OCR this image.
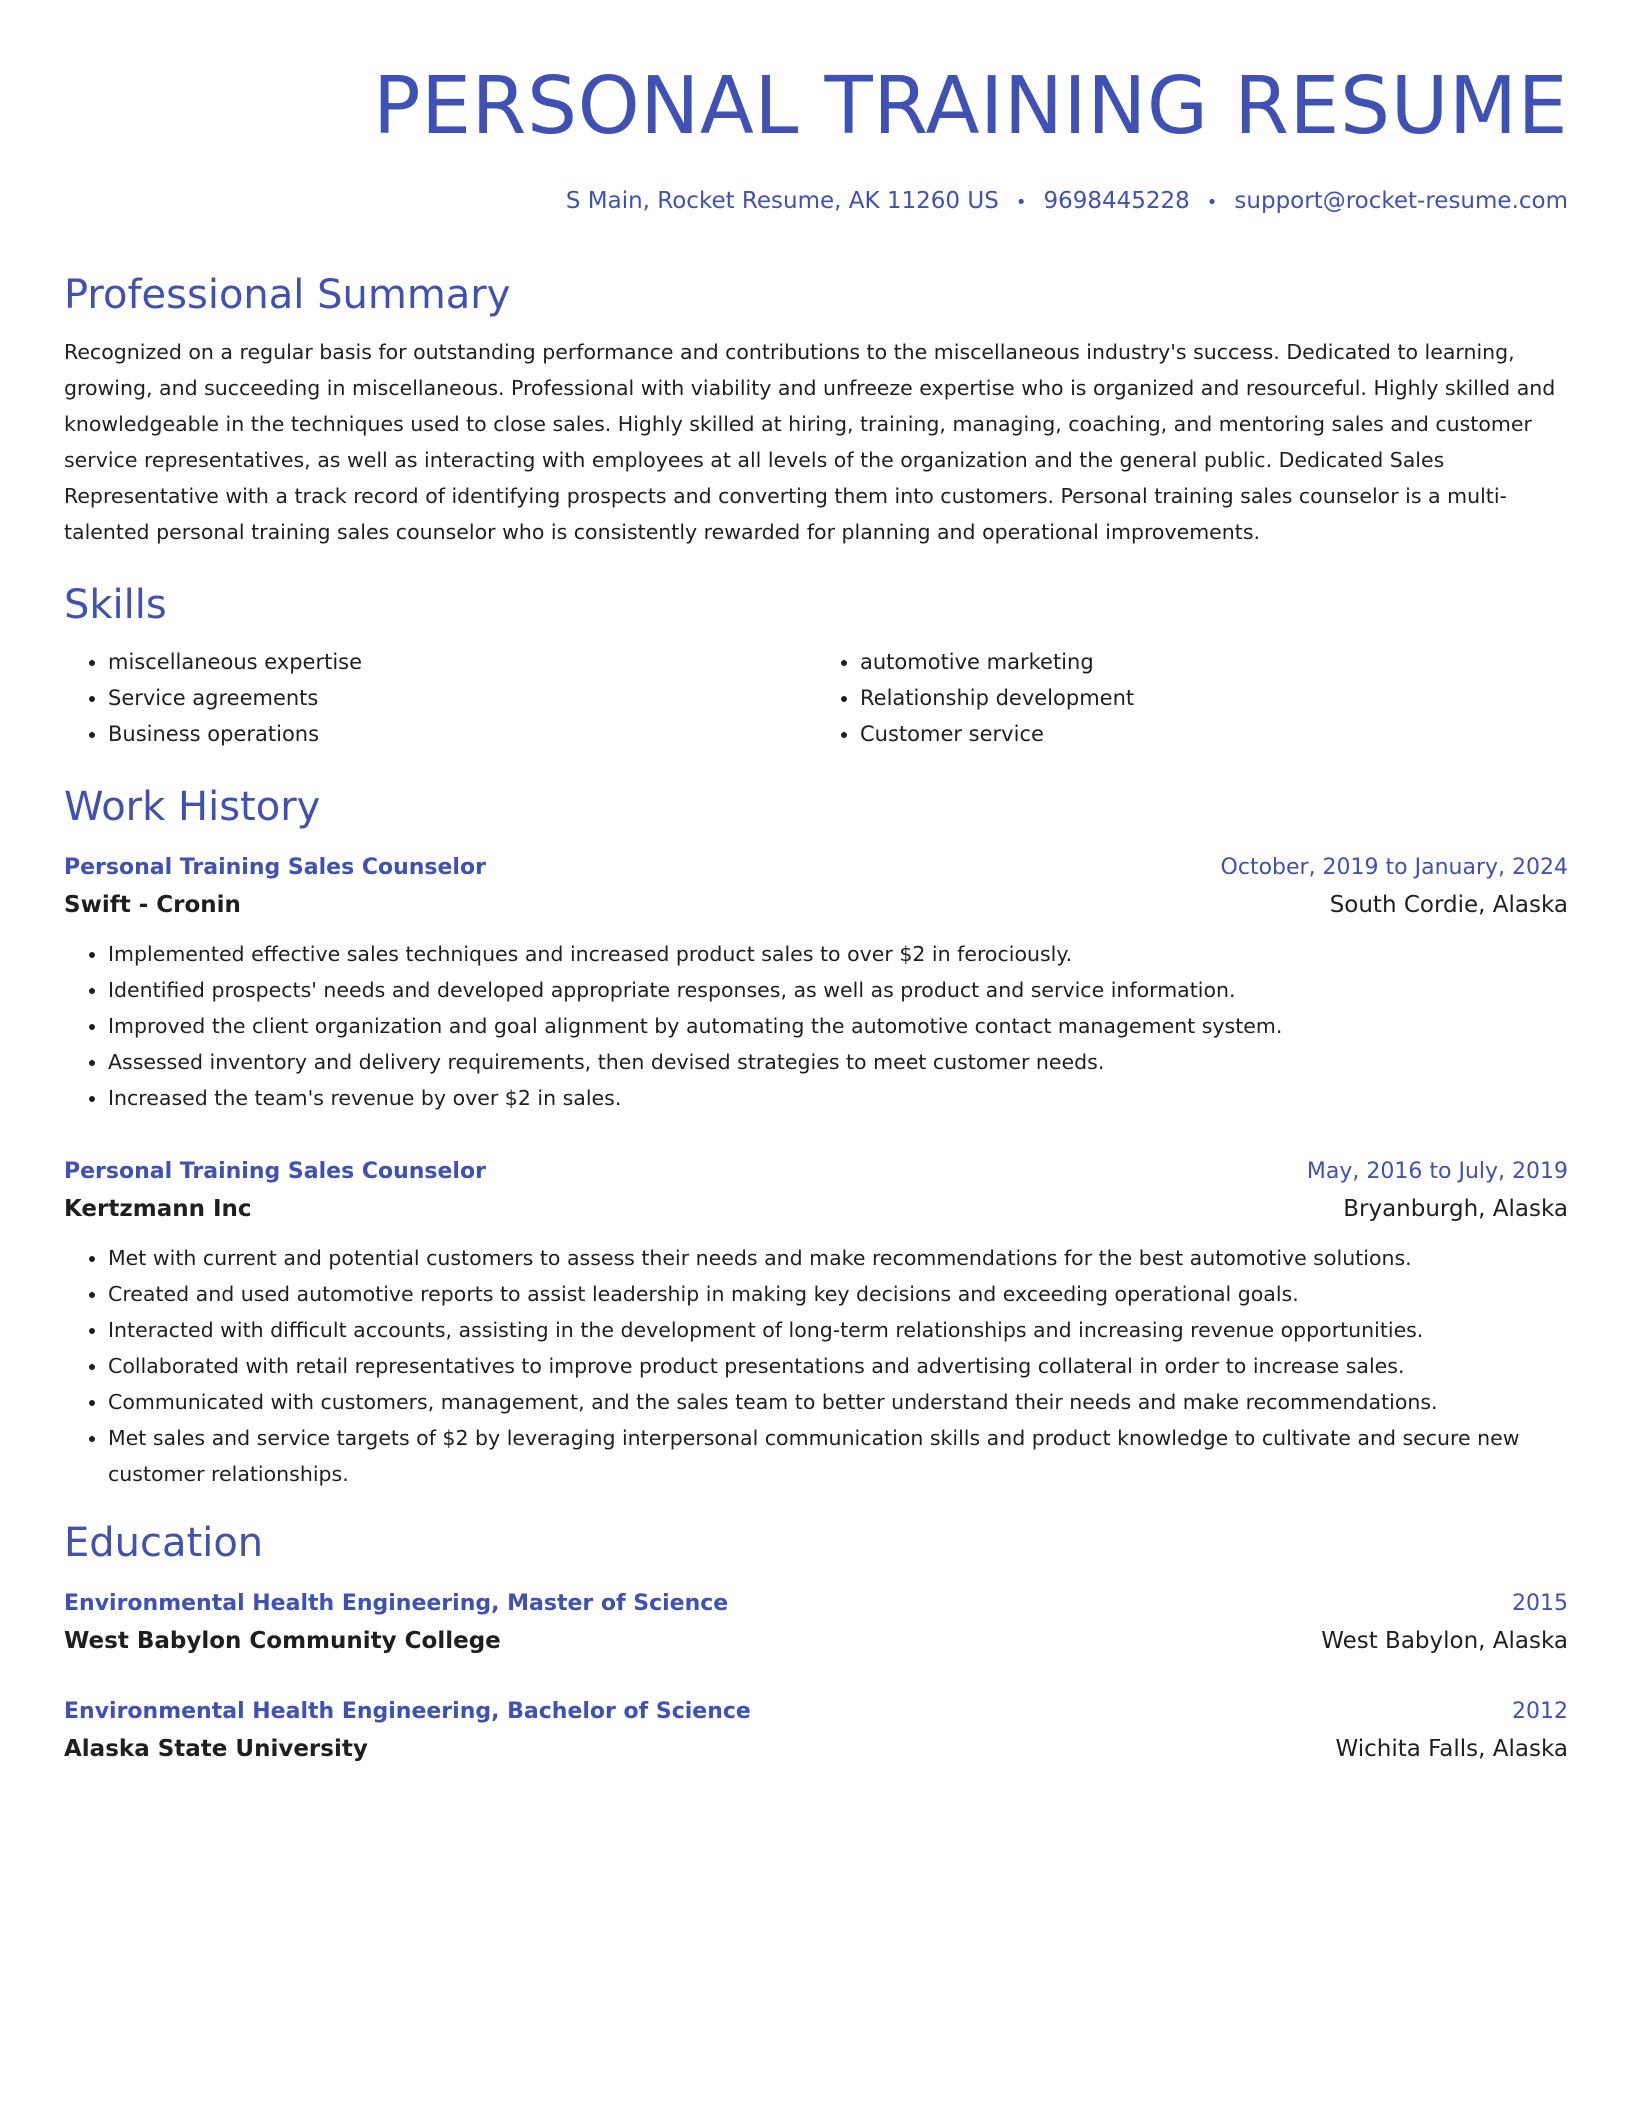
PERSONAL TRAINING RESUME
S Main, Rocket Resume, AK 11260 US • 9698445228 • support@rocket-resume.com
Professional Summary

Recognized on a regular basis for outstanding performance and contributions to the miscellaneous industry's success. Dedicated to learning, growing, and succeeding in miscellaneous. Professional with viability and unfreeze expertise who is organized and resourceful. Highly skilled and knowledgeable in the techniques used to close sales. Highly skilled at hiring, training, managing, coaching, and mentoring sales and customer service representatives, as well as interacting with employees at all levels of the organization and the general public. Dedicated Sales Representative with a track record of identifying prospects and converting them into customers. Personal training sales counselor is a multi-talented personal training sales counselor who is consistently rewarded for planning and operational improvements.

Skills
• miscellaneous expertise
• Service agreements
• Business operations
• automotive marketing
• Relationship development
• Customer service
Work History
Personal Training Sales Counselor	October, 2019 to January, 2024
Swift - Cronin	South Cordie, Alaska
• Implemented effective sales techniques and increased product sales to over $2 in ferociously.
• Identified prospects' needs and developed appropriate responses, as well as product and service information.
• Improved the client organization and goal alignment by automating the automotive contact management system.
• Assessed inventory and delivery requirements, then devised strategies to meet customer needs.
• Increased the team's revenue by over $2 in sales.
Personal Training Sales Counselor	May, 2016 to July, 2019
Kertzmann Inc	Bryanburgh, Alaska
• Met with current and potential customers to assess their needs and make recommendations for the best automotive solutions.
• Created and used automotive reports to assist leadership in making key decisions and exceeding operational goals.
• Interacted with difficult accounts, assisting in the development of long-term relationships and increasing revenue opportunities.
• Collaborated with retail representatives to improve product presentations and advertising collateral in order to increase sales.
• Communicated with customers, management, and the sales team to better understand their needs and make recommendations.
• Met sales and service targets of $2 by leveraging interpersonal communication skills and product knowledge to cultivate and secure new customer relationships.
Education
Environmental Health Engineering, Master of Science	2015
West Babylon Community College	West Babylon, Alaska
Environmental Health Engineering, Bachelor of Science	2012
Alaska State University	Wichita Falls, Alaska
